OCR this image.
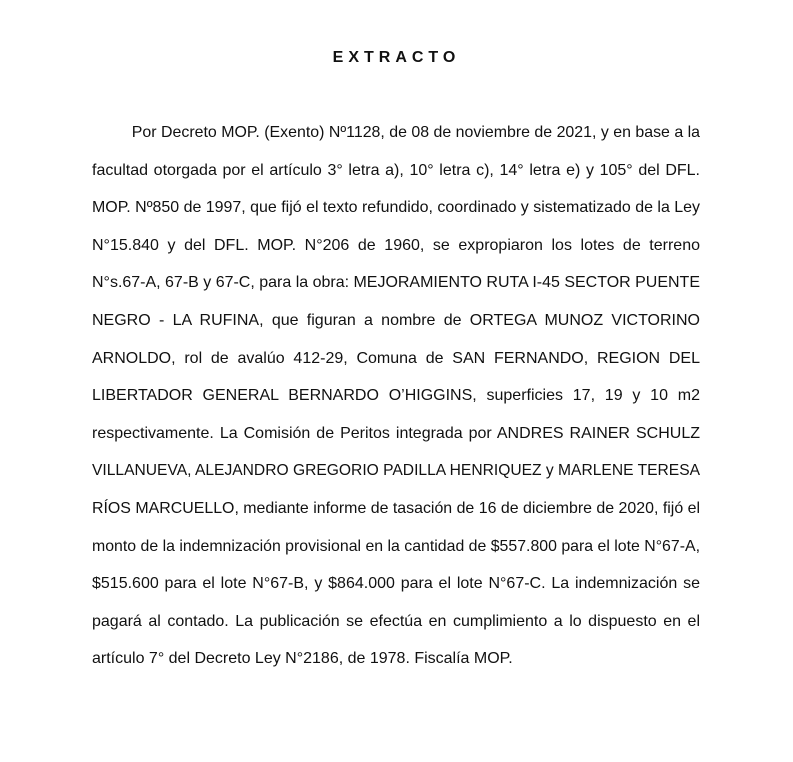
EXTRACTO
Por Decreto MOP. (Exento) Nº1128, de 08 de noviembre de 2021, y en base a la
facultad otorgada por el artículo 3° letra a), 10° letra c), 14° letra e) y 105° del DFL.
MOP. Nº850 de 1997, que fijó el texto refundido, coordinado y sistematizado de la Ley
N°15.840 y del DFL. MOP. N°206 de 1960, se expropiaron los lotes de terreno
N°s.67-A, 67-B y 67-C, para la obra: MEJORAMIENTO RUTA I-45 SECTOR PUENTE
NEGRO - LA RUFINA, que figuran a nombre de ORTEGA MUNOZ VICTORINO
ARNOLDO, rol de avalúo 412-29, Comuna de SAN FERNANDO, REGION DEL
LIBERTADOR GENERAL BERNARDO O’HIGGINS, superficies 17, 19 y 10 m2
respectivamente. La Comisión de Peritos integrada por ANDRES RAINER SCHULZ
VILLANUEVA, ALEJANDRO GREGORIO PADILLA HENRIQUEZ y MARLENE TERESA
RÍOS MARCUELLO, mediante informe de tasación de 16 de diciembre de 2020, fijó el
monto de la indemnización provisional en la cantidad de $557.800 para el lote N°67-A,
$515.600 para el lote N°67-B, y $864.000 para el lote N°67-C. La indemnización se
pagará al contado. La publicación se efectúa en cumplimiento a lo dispuesto en el
artículo 7° del Decreto Ley N°2186, de 1978. Fiscalía MOP.
